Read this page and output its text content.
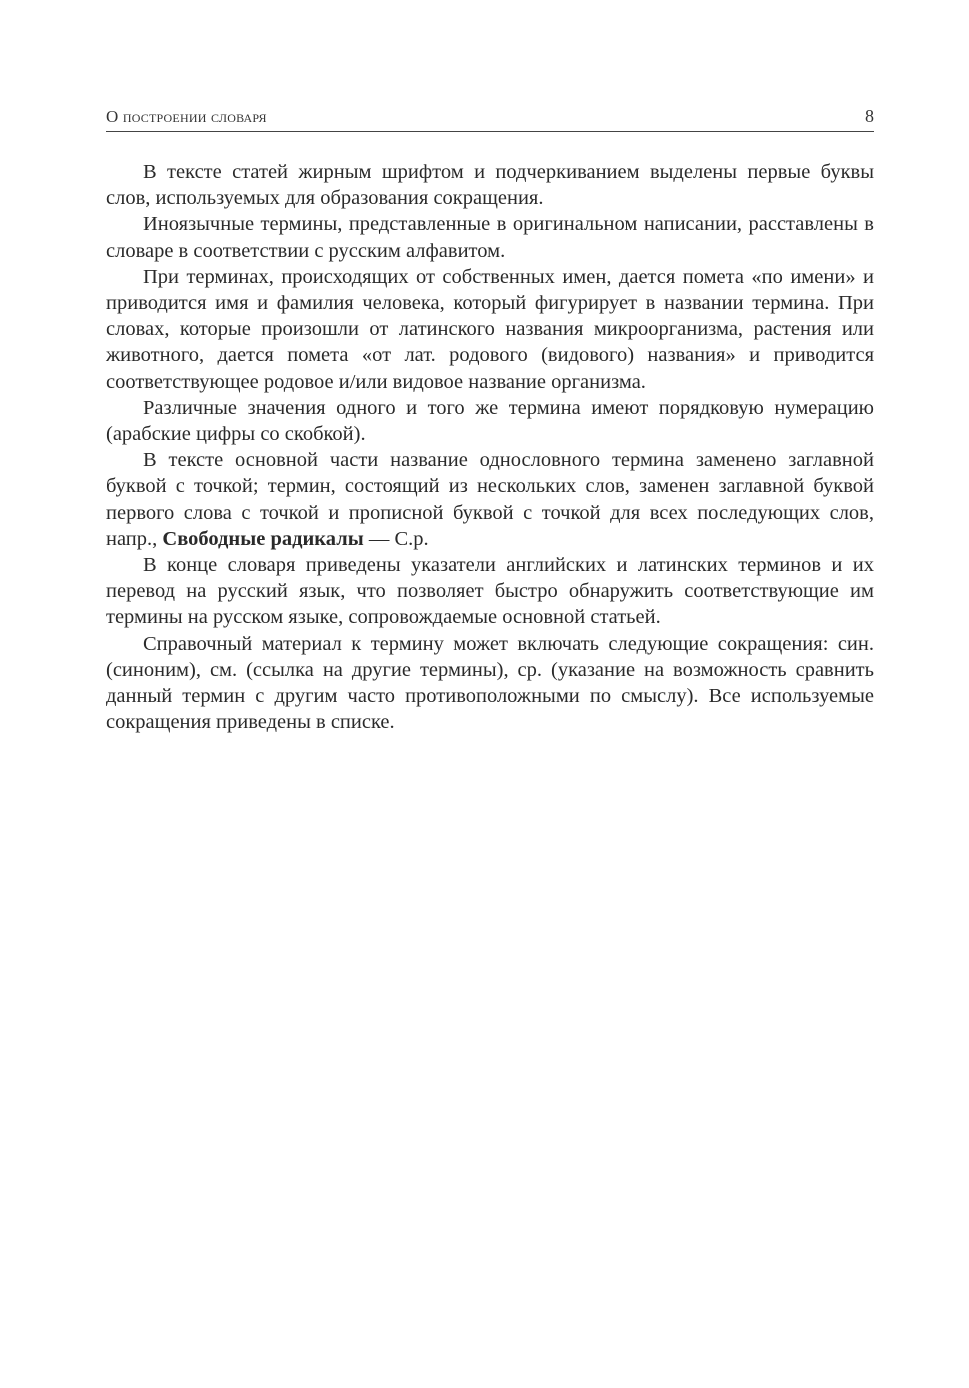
О построении словаря	8

В тексте статей жирным шрифтом и подчеркиванием выделены первые буквы слов, используемых для образования сокращения.

Иноязычные термины, представленные в оригинальном написании, расставлены в словаре в соответствии с русским алфавитом.

При терминах, происходящих от собственных имен, дается помета «по имени» и приводится имя и фамилия человека, который фигурирует в названии термина. При словах, которые произошли от латинского названия микроорганизма, растения или животного, дается помета «от лат. родового (видового) названия» и приводится соответствующее родовое и/или видовое название организма.

Различные значения одного и того же термина имеют порядковую нумерацию (арабские цифры со скобкой).

В тексте основной части название однословного термина заменено заглавной буквой с точкой; термин, состоящий из нескольких слов, заменен заглавной буквой первого слова с точкой и прописной буквой с точкой для всех последующих слов, напр., Свободные радикалы — С.р.

В конце словаря приведены указатели английских и латинских терминов и их перевод на русский язык, что позволяет быстро обнаружить соответствующие им термины на русском языке, сопровождаемые основной статьей.

Справочный материал к термину может включать следующие сокращения: син. (синоним), см. (ссылка на другие термины), ср. (указание на возможность сравнить данный термин с другим часто противоположными по смыслу). Все используемые сокращения приведены в списке.
